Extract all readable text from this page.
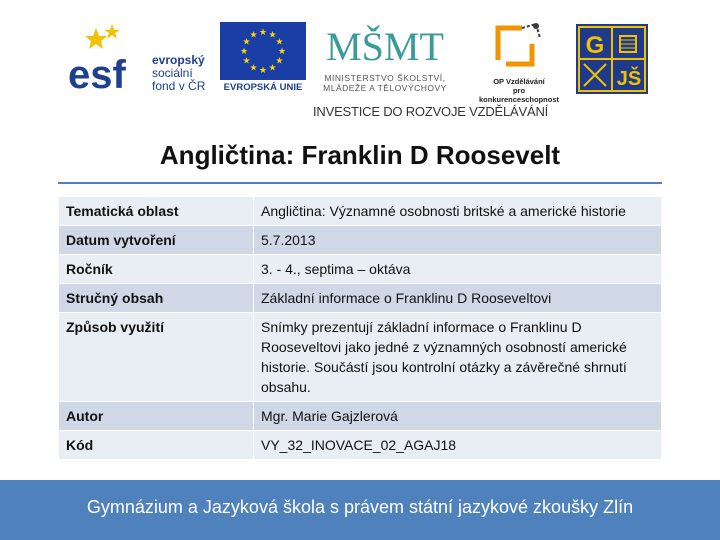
esf evropský
sociální
fond v ČR
★
★
★
★
★
★
★
★
★ ★ ★
★
EVROPSKÁ UNIE
MŠMT
MINISTERSTVO ŠKOLSTVÍ,
MLÁDEŽE A TĚLOVÝCHOVY
OP Vzdělávání
pro konkurenceschopnost
G
JŠ
INVESTICE DO ROZVOJE VZDĚLÁVÁNÍ
Angličtina: Franklin D Roosevelt
Tematická oblast	Angličtina: Významné osobnosti britské a americké historie
Datum vytvoření	5.7.2013
Ročník	3. - 4., septima – oktáva
Stručný obsah	Základní informace o Franklinu D Rooseveltovi
Způsob využití	Snímky prezentují základní informace o Franklinu D Rooseveltovi jako jedné z významných osobností americké historie. Součástí jsou kontrolní otázky a závěrečné shrnutí obsahu.
Autor	Mgr. Marie Gajzlerová
Kód	VY_32_INOVACE_02_AGAJ18
Gymnázium a Jazyková škola s právem státní jazykové zkoušky Zlín
